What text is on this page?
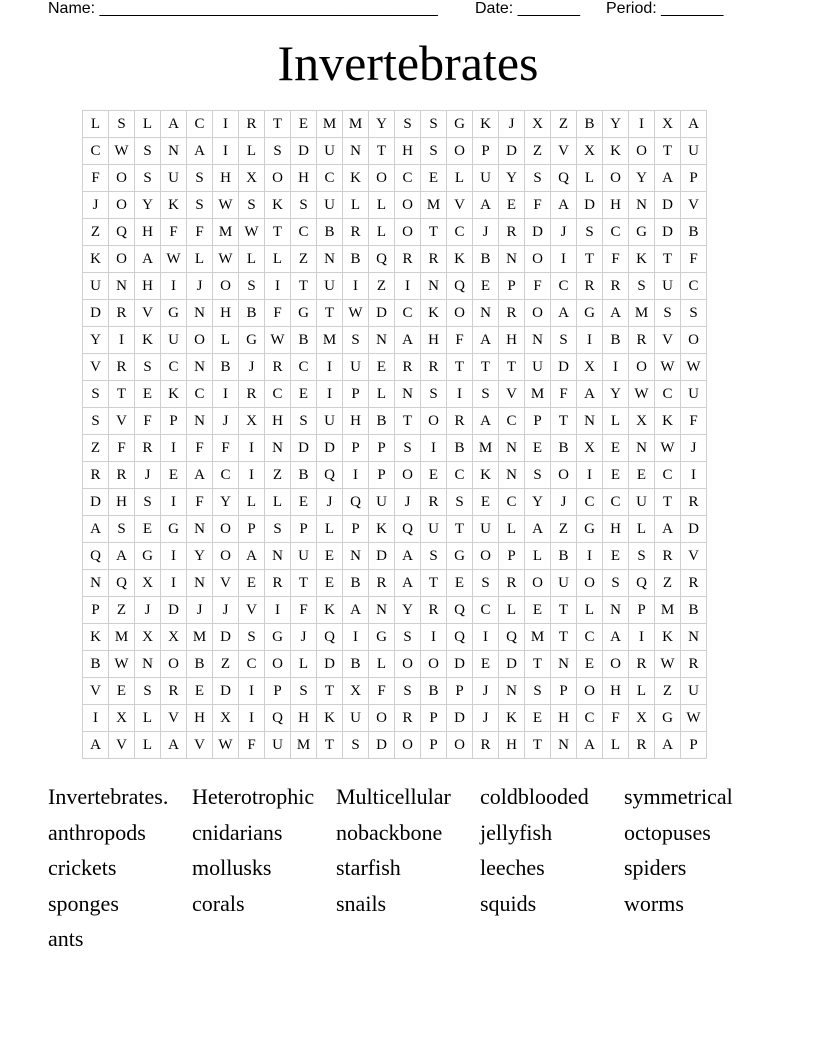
Name: ______________________________________ Date: _______ Period: _______
Invertebrates
L	S	L	A	C	I	R	T	E	M	M	Y	S	S	G	K	J	X	Z	B	Y	I	X	A
C	W	S	N	A	I	L	S	D	U	N	T	H	S	O	P	D	Z	V	X	K	O	T	U
F	O	S	U	S	H	X	O	H	C	K	O	C	E	L	U	Y	S	Q	L	O	Y	A	P
J	O	Y	K	S	W	S	K	S	U	L	L	O	M	V	A	E	F	A	D	H	N	D	V
Z	Q	H	F	F	M	W	T	C	B	R	L	O	T	C	J	R	D	J	S	C	G	D	B
K	O	A	W	L	W	L	L	Z	N	B	Q	R	R	K	B	N	O	I	T	F	K	T	F
U	N	H	I	J	O	S	I	T	U	I	Z	I	N	Q	E	P	F	C	R	R	S	U	C
D	R	V	G	N	H	B	F	G	T	W	D	C	K	O	N	R	O	A	G	A	M	S	S
Y	I	K	U	O	L	G	W	B	M	S	N	A	H	F	A	H	N	S	I	B	R	V	O
V	R	S	C	N	B	J	R	C	I	U	E	R	R	T	T	T	U	D	X	I	O	W	W
S	T	E	K	C	I	R	C	E	I	P	L	N	S	I	S	V	M	F	A	Y	W	C	U
S	V	F	P	N	J	X	H	S	U	H	B	T	O	R	A	C	P	T	N	L	X	K	F
Z	F	R	I	F	F	I	N	D	D	P	P	S	I	B	M	N	E	B	X	E	N	W	J
R	R	J	E	A	C	I	Z	B	Q	I	P	O	E	C	K	N	S	O	I	E	E	C	I
D	H	S	I	F	Y	L	L	E	J	Q	U	J	R	S	E	C	Y	J	C	C	U	T	R
A	S	E	G	N	O	P	S	P	L	P	K	Q	U	T	U	L	A	Z	G	H	L	A	D
Q	A	G	I	Y	O	A	N	U	E	N	D	A	S	G	O	P	L	B	I	E	S	R	V
N	Q	X	I	N	V	E	R	T	E	B	R	A	T	E	S	R	O	U	O	S	Q	Z	R
P	Z	J	D	J	J	V	I	F	K	A	N	Y	R	Q	C	L	E	T	L	N	P	M	B
K	M	X	X	M	D	S	G	J	Q	I	G	S	I	Q	I	Q	M	T	C	A	I	K	N
B	W	N	O	B	Z	C	O	L	D	B	L	O	O	D	E	D	T	N	E	O	R	W	R
V	E	S	R	E	D	I	P	S	T	X	F	S	B	P	J	N	S	P	O	H	L	Z	U
I	X	L	V	H	X	I	Q	H	K	U	O	R	P	D	J	K	E	H	C	F	X	G	W
A	V	L	A	V	W	F	U	M	T	S	D	O	P	O	R	H	T	N	A	L	R	A	P
Invertebrates.	Heterotrophic Multicellular	coldblooded	symmetrical
anthropods	cnidarians	nobackbone	jellyfish	octopuses
crickets	mollusks	starfish	leeches	spiders
sponges	corals	snails	squids	worms
ants
